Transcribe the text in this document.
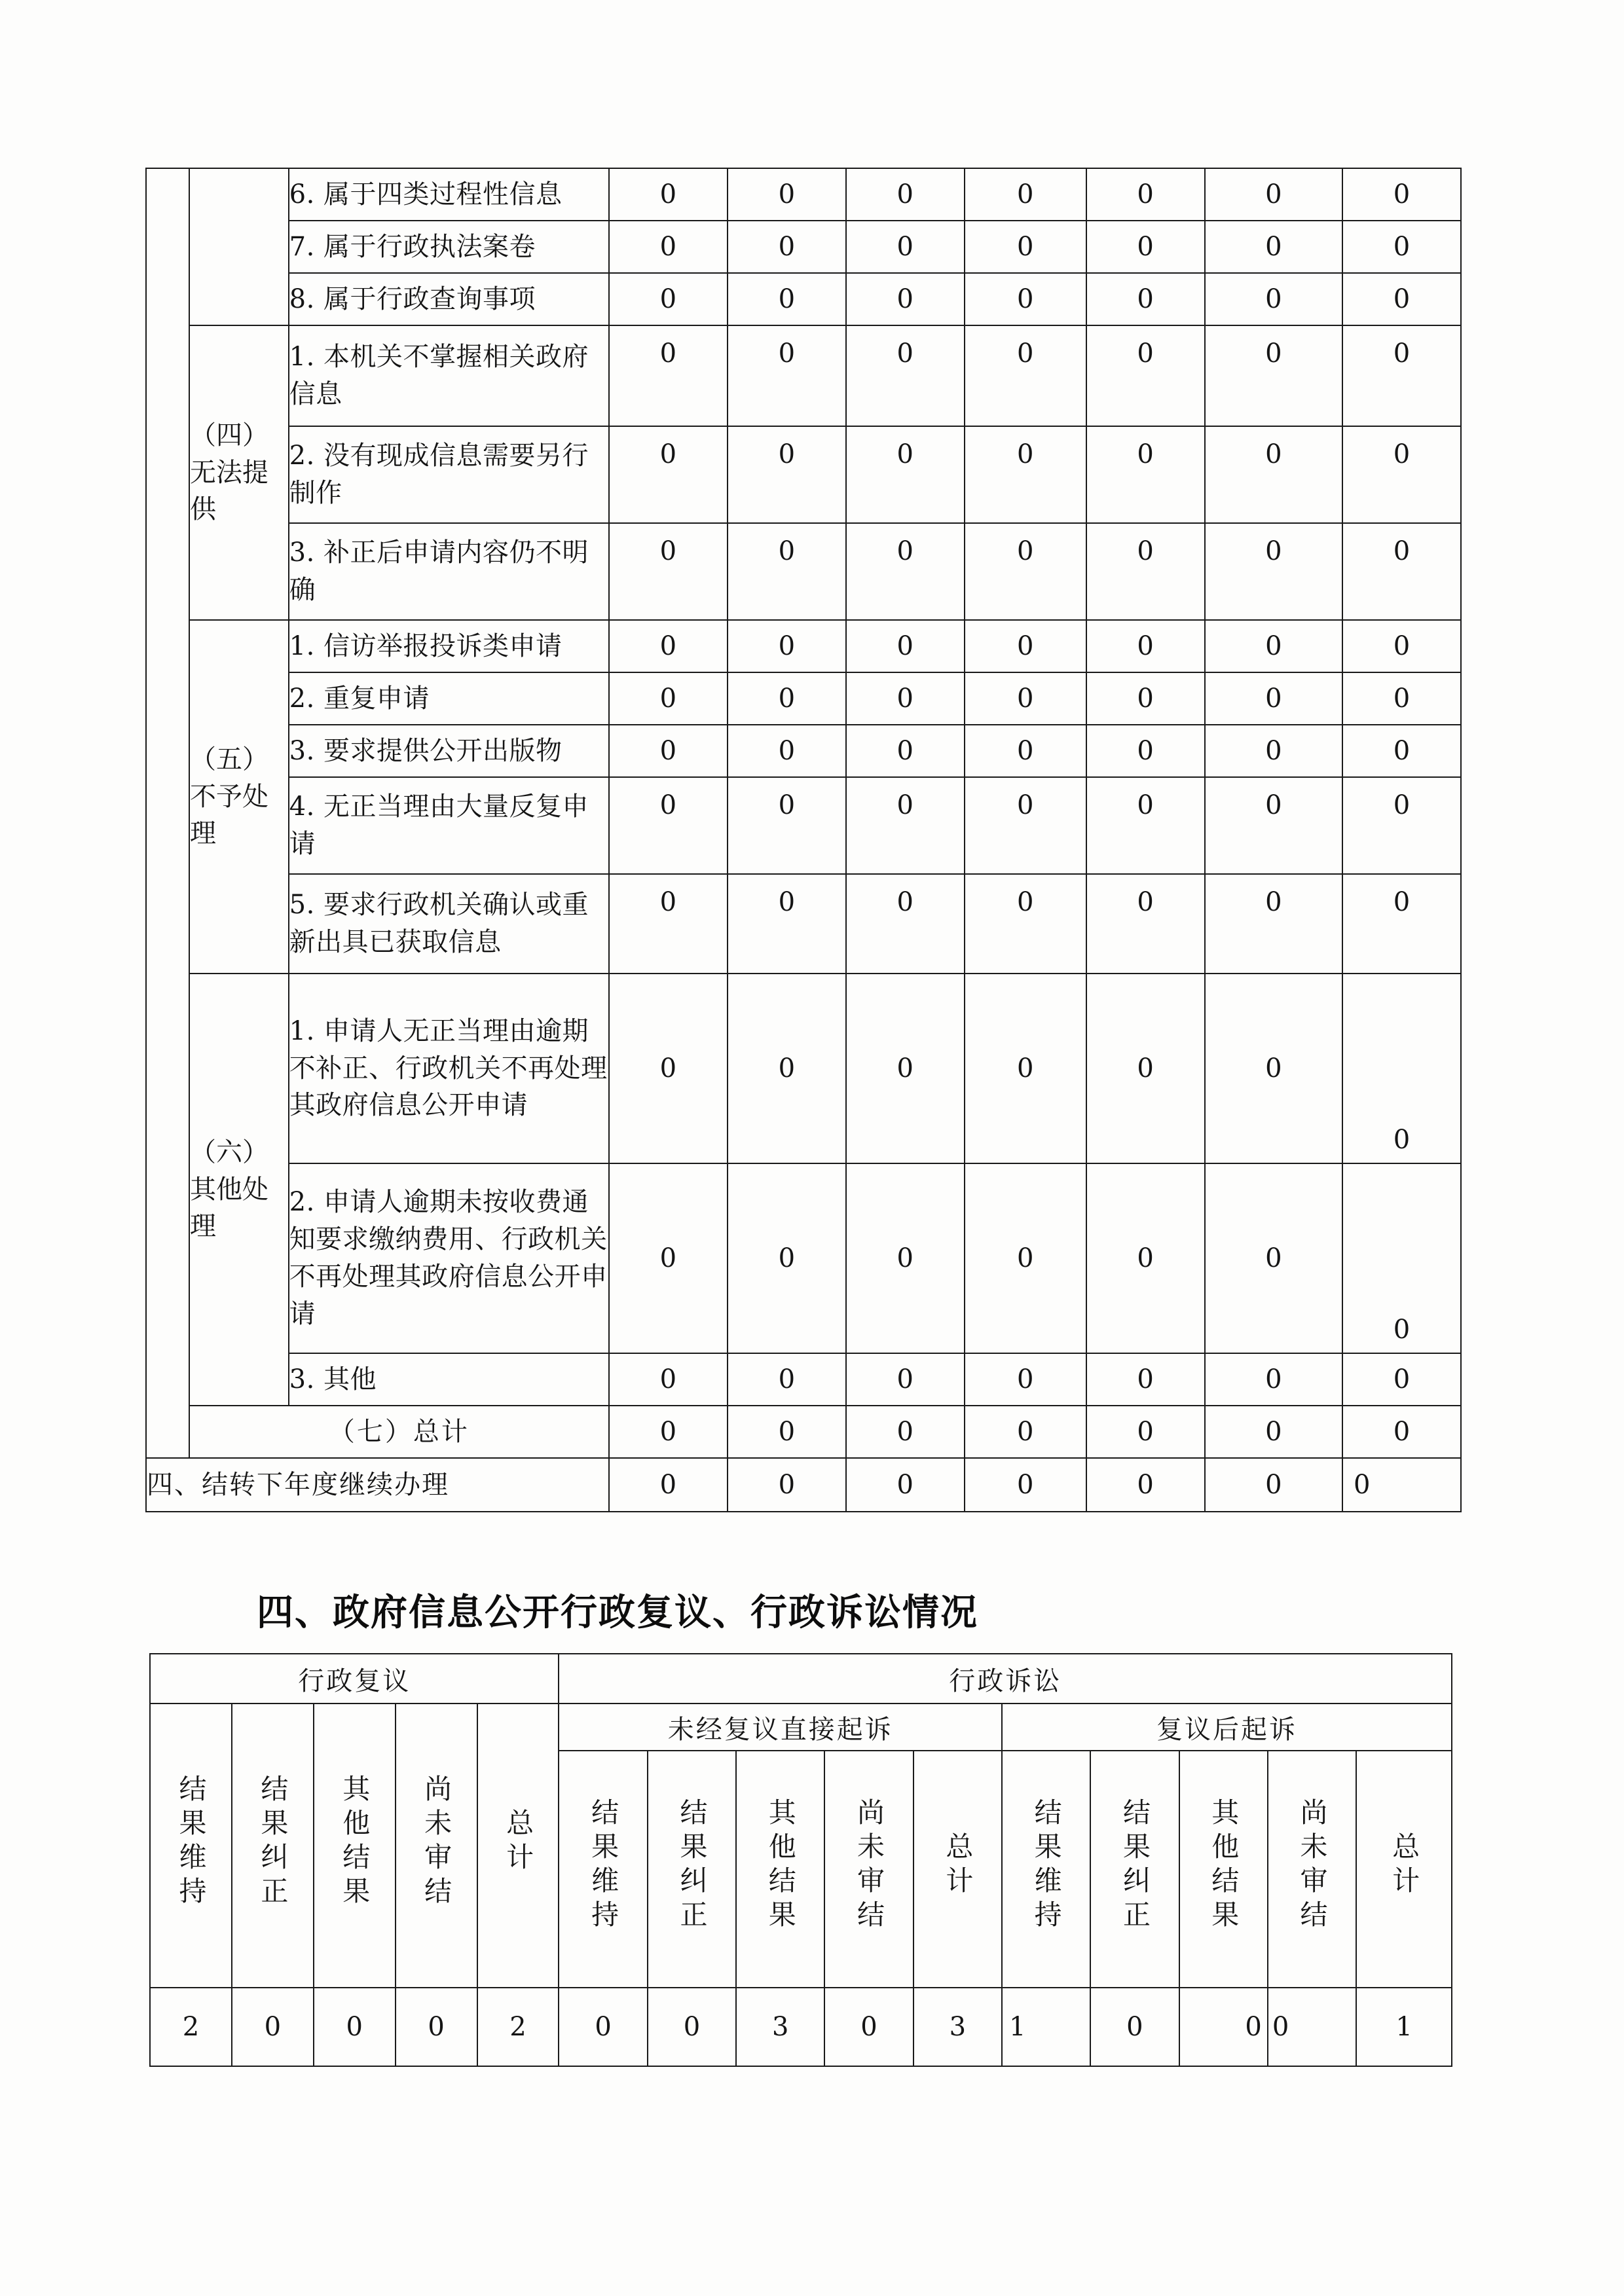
		6. 属于四类过程性信息	0	0	0	0	0	0	0
		7. 属于行政执法案卷	0	0	0	0	0	0	0
		8. 属于行政查询事项	0	0	0	0	0	0	0
	（四）无法提供	1. 本机关不掌握相关政府信息	0	0	0	0	0	0	0
		2. 没有现成信息需要另行制作	0	0	0	0	0	0	0
		3. 补正后申请内容仍不明确	0	0	0	0	0	0	0
	（五）不予处理	1. 信访举报投诉类申请	0	0	0	0	0	0	0
		2. 重复申请	0	0	0	0	0	0	0
		3. 要求提供公开出版物	0	0	0	0	0	0	0
		4. 无正当理由大量反复申请	0	0	0	0	0	0	0
		5. 要求行政机关确认或重新出具已获取信息	0	0	0	0	0	0	0
	（六）其他处理	1. 申请人无正当理由逾期不补正、行政机关不再处理其政府信息公开申请	0	0	0	0	0	0	0
		2. 申请人逾期未按收费通知要求缴纳费用、行政机关不再处理其政府信息公开申请	0	0	0	0	0	0	0
		3. 其他	0	0	0	0	0	0	0
	（七）总计		0	0	0	0	0	0	0
四、结转下年度继续办理			0	0	0	0	0	0	0
四、政府信息公开行政复议、行政诉讼情况
行政复议					行政诉讼									
结果维持	结果纠正	其他结果	尚未审结	总计	未经复议直接起诉					复议后起诉				
					结果维持	结果纠正	其他结果	尚未审结	总计	结果维持	结果纠正	其他结果	尚未审结	总计
2	0	0	0	2	0	0	3	0	3	1	0	0	0	1
